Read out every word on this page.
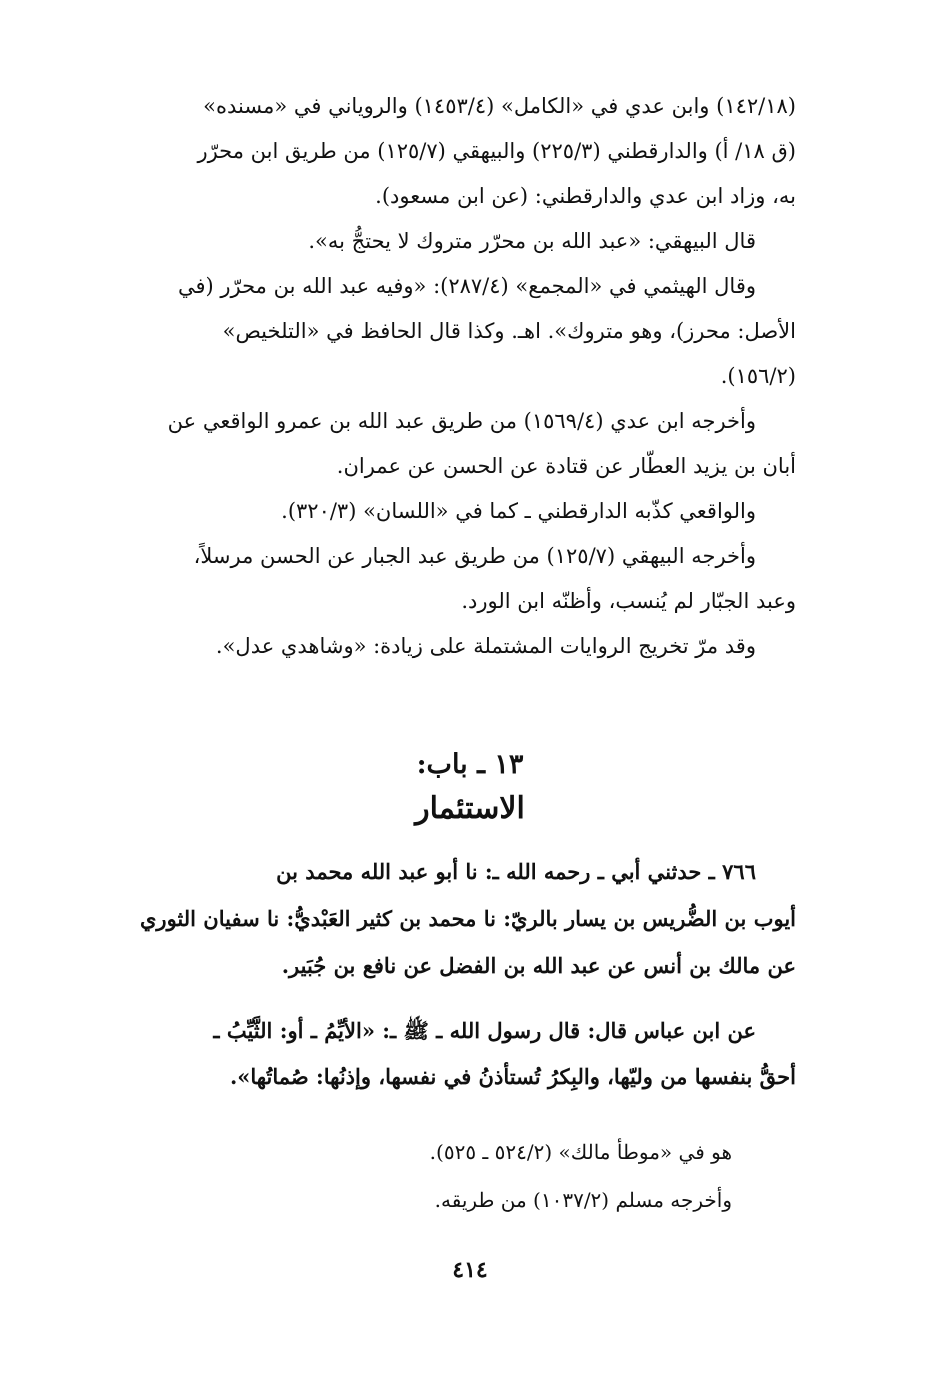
(١٤٢/١٨) وابن عدي في «الكامل» (١٤٥٣/٤) والروياني في «مسنده»
(ق ١٨/ أ) والدارقطني (٢٢٥/٣) والبيهقي (١٢٥/٧) من طريق ابن محرّر
به، وزاد ابن عدي والدارقطني: (عن ابن مسعود).
قال البيهقي: «عبد الله بن محرّر متروك لا يحتجُّ به».
وقال الهيثمي في «المجمع» (٢٨٧/٤): «وفيه عبد الله بن محرّر (في
الأصل: محرز)، وهو متروك». اهـ. وكذا قال الحافظ في «التلخيص»
(١٥٦/٢).
وأخرجه ابن عدي (١٥٦٩/٤) من طريق عبد الله بن عمرو الواقعي عن
أبان بن يزيد العطّار عن قتادة عن الحسن عن عمران.
والواقعي كذّبه الدارقطني ـ كما في «اللسان» (٣٢٠/٣).
وأخرجه البيهقي (١٢٥/٧) من طريق عبد الجبار عن الحسن مرسلاً،
وعبد الجبّار لم يُنسب، وأظنّه ابن الورد.
وقد مرّ تخريج الروايات المشتملة على زيادة: «وشاهدي عدل».
١٣ ـ باب:
الاستئمار
٧٦٦ ـ حدثني أبي ـ رحمه الله ـ: نا أبو عبد الله محمد بن
أيوب بن الضُّريس بن يسار بالريّ: نا محمد بن كثير العَبْديُّ: نا سفيان الثوري
عن مالك بن أنس عن عبد الله بن الفضل عن نافع بن جُبَير.
عن ابن عباس قال: قال رسول الله ـ ﷺ ـ: «الأيِّمُ ـ أو: الثَّيِّبُ ـ
أحقُّ بنفسها من وليّها، والبِكرُ تُستأذنُ في نفسها، وإذنُها: صُماتُها».
هو في «موطأ مالك» (٥٢٤/٢ ـ ٥٢٥).
وأخرجه مسلم (١٠٣٧/٢) من طريقه.
٤١٤
